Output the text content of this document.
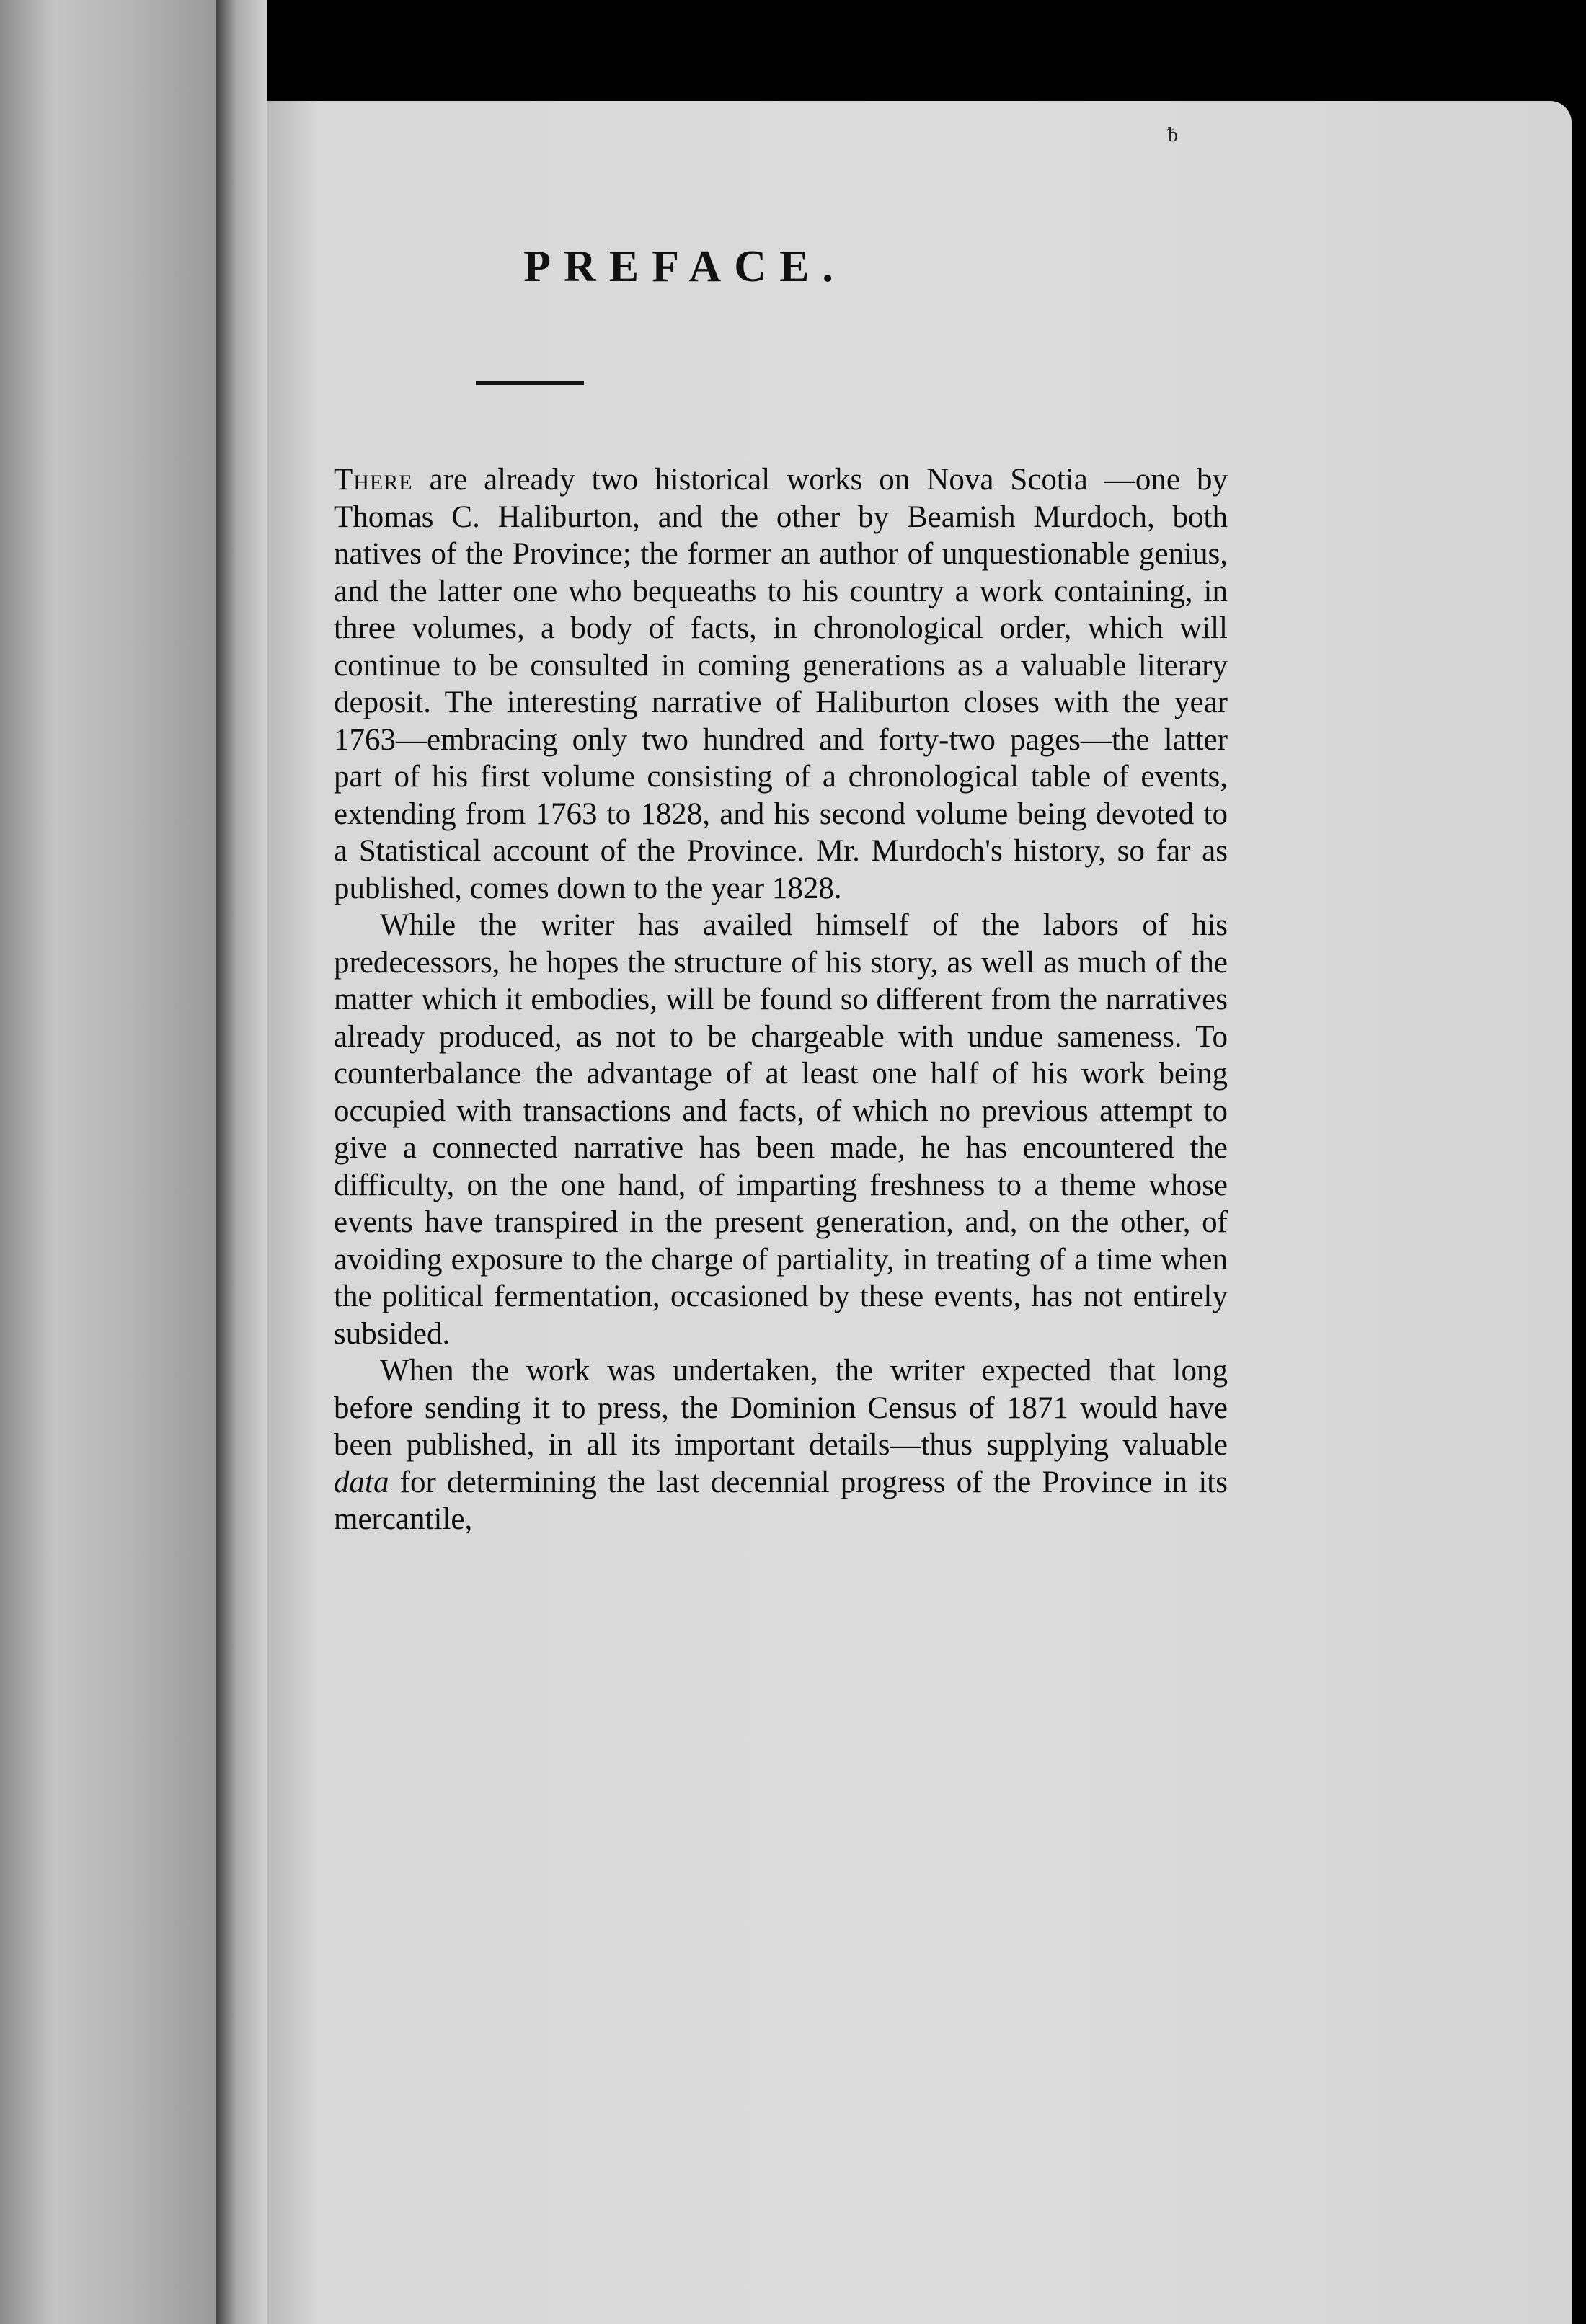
ᵬ
PREFACE.

There are already two historical works on Nova Scotia —one by Thomas C. Haliburton, and the other by Beamish Murdoch, both natives of the Province; the former an author of unquestionable genius, and the latter one who bequeaths to his country a work containing, in three volumes, a body of facts, in chronological order, which will continue to be consulted in coming generations as a valuable literary deposit. The interesting narrative of Haliburton closes with the year 1763—embracing only two hundred and forty-two pages—the latter part of his first volume consisting of a chronological table of events, extending from 1763 to 1828, and his second volume being devoted to a Statistical account of the Province. Mr. Murdoch's history, so far as published, comes down to the year 1828.

While the writer has availed himself of the labors of his predecessors, he hopes the structure of his story, as well as much of the matter which it embodies, will be found so different from the narratives already produced, as not to be chargeable with undue sameness. To counterbalance the advantage of at least one half of his work being occupied with transactions and facts, of which no previous attempt to give a connected narrative has been made, he has encountered the difficulty, on the one hand, of imparting freshness to a theme whose events have transpired in the present generation, and, on the other, of avoiding exposure to the charge of partiality, in treating of a time when the political fermentation, occasioned by these events, has not entirely subsided.

When the work was undertaken, the writer expected that long before sending it to press, the Dominion Census of 1871 would have been published, in all its important details—thus supplying valuable data for determining the last decennial progress of the Province in its mercantile,
